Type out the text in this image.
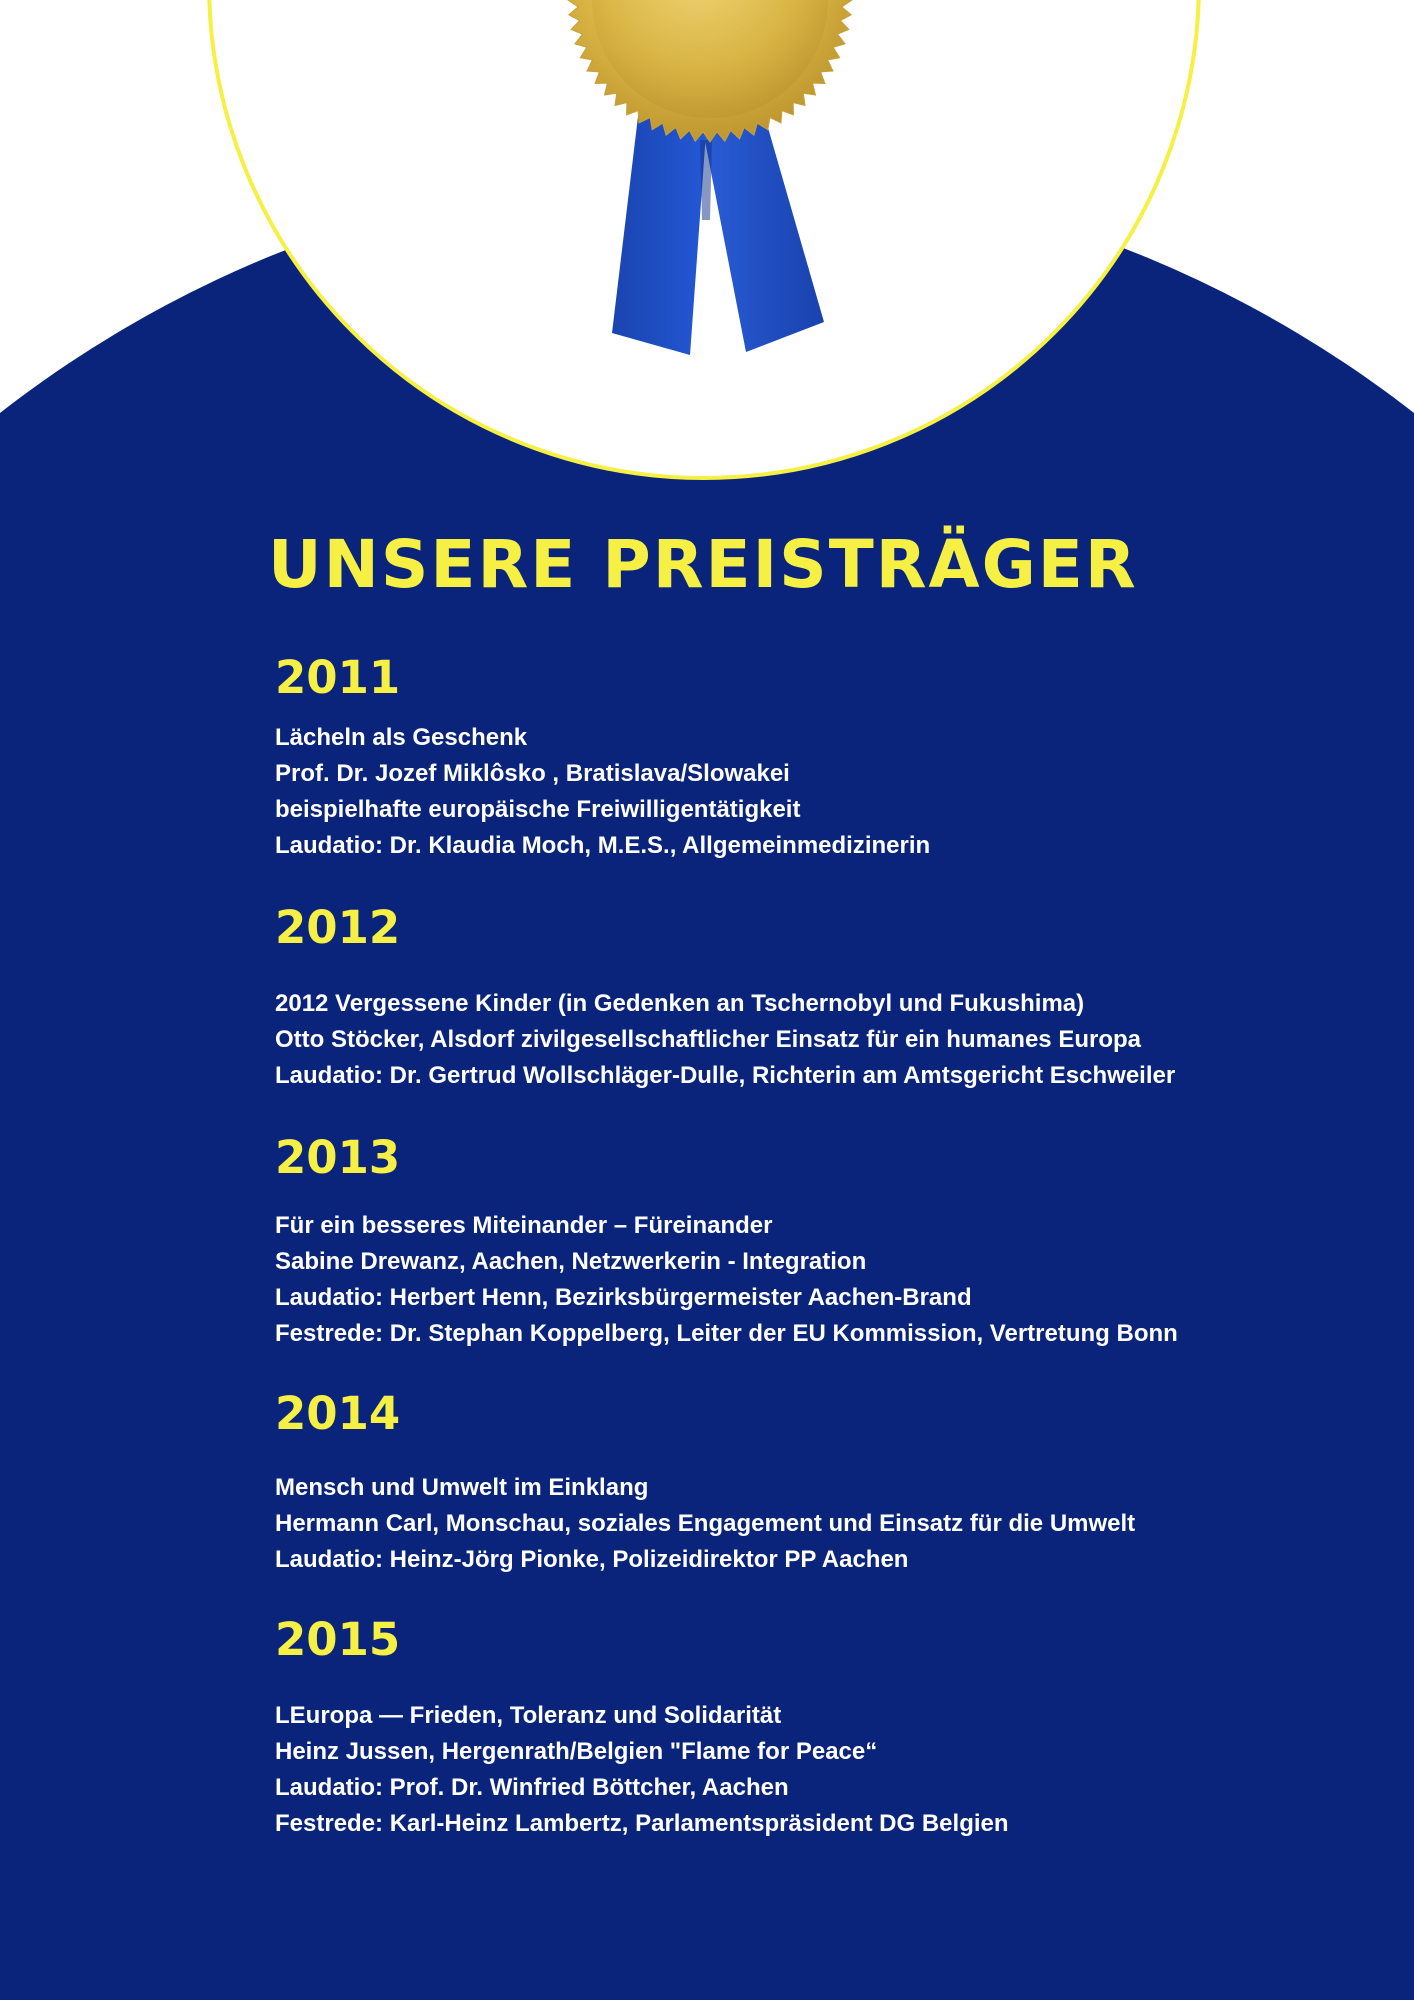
UNSERE PREISTRÄGER
2011
Lächeln als Geschenk
Prof. Dr. Jozef Miklôsko , Bratislava/Slowakei
beispielhafte europäische Freiwilligentätigkeit
Laudatio: Dr. Klaudia Moch, M.E.S., Allgemeinmedizinerin
2012
2012 Vergessene Kinder (in Gedenken an Tschernobyl und Fukushima)
Otto Stöcker, Alsdorf zivilgesellschaftlicher Einsatz für ein humanes Europa
Laudatio: Dr. Gertrud Wollschläger-Dulle, Richterin am Amtsgericht Eschweiler
2013
Für ein besseres Miteinander – Füreinander
Sabine Drewanz, Aachen, Netzwerkerin - Integration
Laudatio: Herbert Henn, Bezirksbürgermeister Aachen-Brand
Festrede: Dr. Stephan Koppelberg, Leiter der EU Kommission, Vertretung Bonn
2014
Mensch und Umwelt im Einklang
Hermann Carl, Monschau, soziales Engagement und Einsatz für die Umwelt
Laudatio: Heinz-Jörg Pionke, Polizeidirektor PP Aachen
2015
LEuropa — Frieden, Toleranz und Solidarität
Heinz Jussen, Hergenrath/Belgien "Flame for Peace“
Laudatio: Prof. Dr. Winfried Böttcher, Aachen
Festrede: Karl-Heinz Lambertz, Parlamentspräsident DG Belgien
